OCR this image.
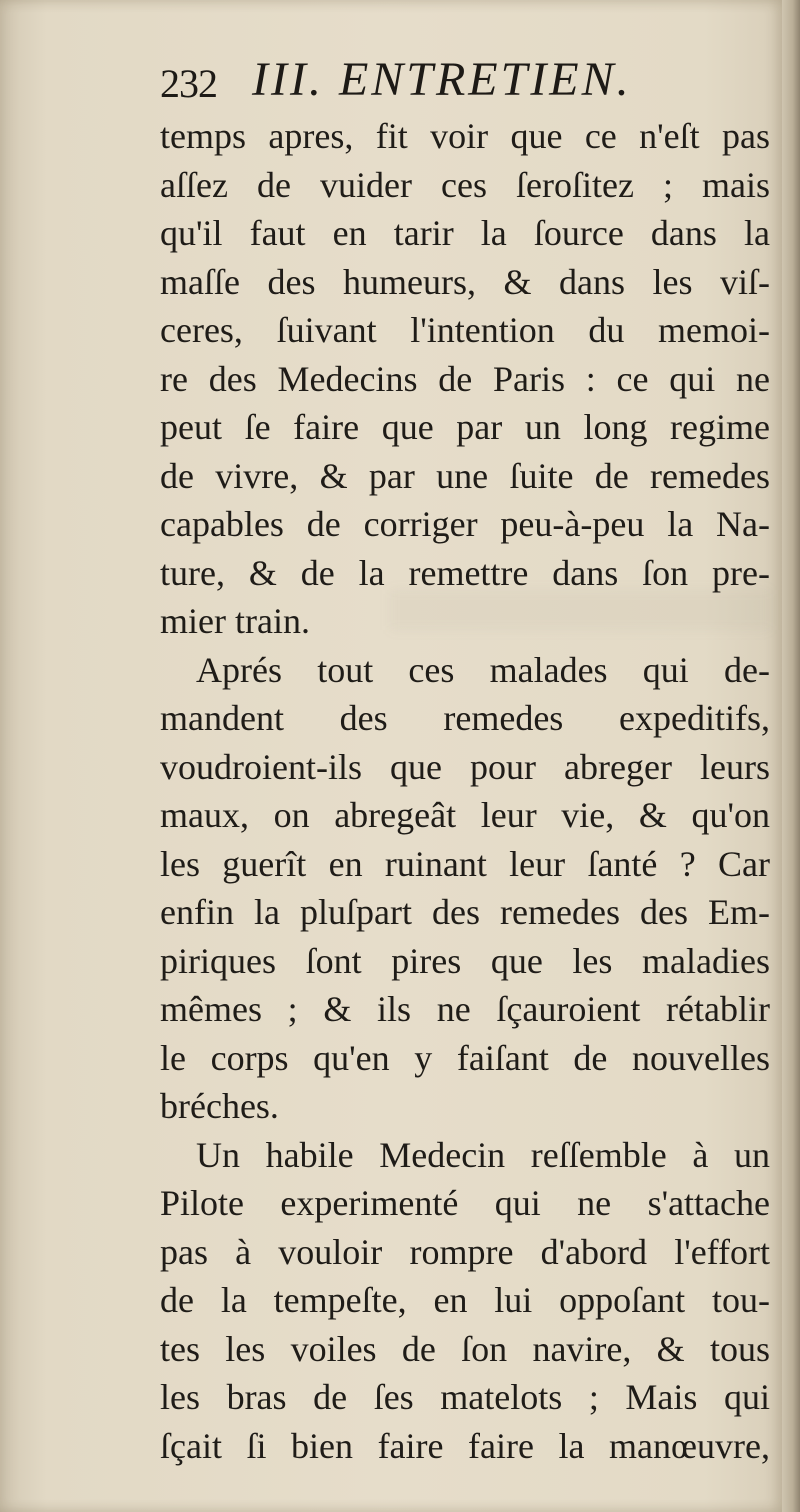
232 III. ENTRETIEN.
temps apres, fit voir que ce n'eſt pas
aſſez de vuider ces ſeroſitez ; mais
qu'il faut en tarir la ſource dans la
maſſe des humeurs, & dans les viſ-
ceres, ſuivant l'intention du memoi-
re des Medecins de Paris : ce qui ne
peut ſe faire que par un long regime
de vivre, & par une ſuite de remedes
capables de corriger peu-à-peu la Na-
ture, & de la remettre dans ſon pre-
mier train.
Aprés tout ces malades qui de-
mandent des remedes expeditifs,
voudroient-ils que pour abreger leurs
maux, on abregeât leur vie, & qu'on
les guerît en ruinant leur ſanté ? Car
enfin la pluſpart des remedes des Em-
piriques ſont pires que les maladies
mêmes ; & ils ne ſçauroient rétablir
le corps qu'en y faiſant de nouvelles
bréches.
Un habile Medecin reſſemble à un
Pilote experimenté qui ne s'attache
pas à vouloir rompre d'abord l'effort
de la tempeſte, en lui oppoſant tou-
tes les voiles de ſon navire, & tous
les bras de ſes matelots ; Mais qui
ſçait ſi bien faire faire la manœuvre,
